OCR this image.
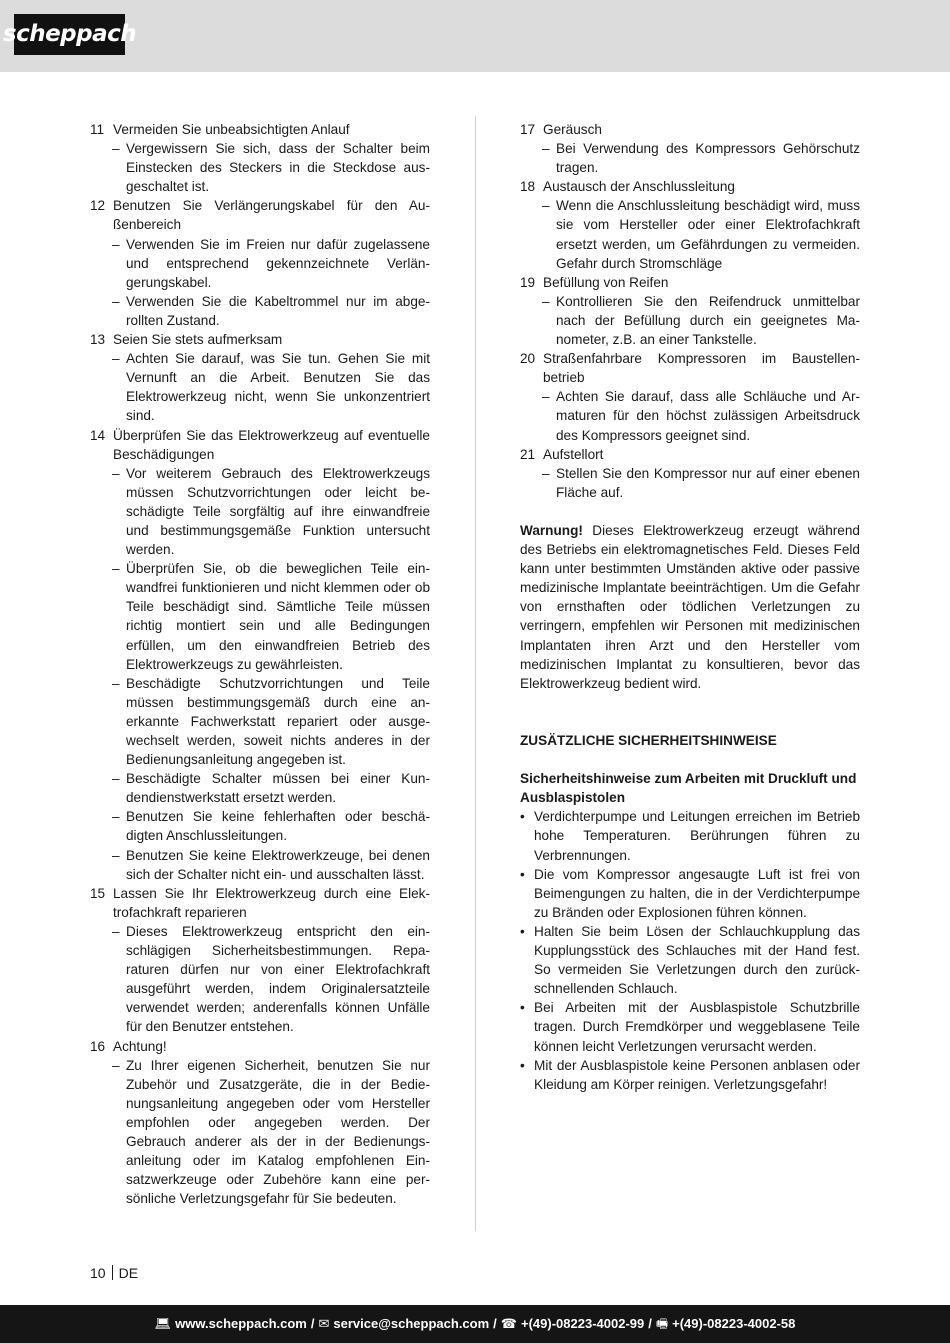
scheppach
11 Vermeiden Sie unbeabsichtigten Anlauf
– Vergewissern Sie sich, dass der Schalter beim Einstecken des Steckers in die Steckdose ausgeschaltet ist.
12 Benutzen Sie Verlängerungskabel für den Außenbereich
– Verwenden Sie im Freien nur dafür zugelassene und entsprechend gekennzeichnete Verlängerungskabel.
– Verwenden Sie die Kabeltrommel nur im abgerollten Zustand.
13 Seien Sie stets aufmerksam
– Achten Sie darauf, was Sie tun. Gehen Sie mit Vernunft an die Arbeit. Benutzen Sie das Elektrowerkzeug nicht, wenn Sie unkonzentriert sind.
14 Überprüfen Sie das Elektrowerkzeug auf eventuelle Beschädigungen
– Vor weiterem Gebrauch des Elektrowerkzeugs müssen Schutzvorrichtungen oder leicht beschädigte Teile sorgfältig auf ihre einwandfreie und bestimmungsgemäße Funktion untersucht werden.
– Überprüfen Sie, ob die beweglichen Teile einwandfrei funktionieren und nicht klemmen oder ob Teile beschädigt sind. Sämtliche Teile müssen richtig montiert sein und alle Bedingungen erfüllen, um den einwandfreien Betrieb des Elektrowerkzeugs zu gewährleisten.
– Beschädigte Schutzvorrichtungen und Teile müssen bestimmungsgemäß durch eine anerkannte Fachwerkstatt repariert oder ausgewechselt werden, soweit nichts anderes in der Bedienungsanleitung angegeben ist.
– Beschädigte Schalter müssen bei einer Kundendienstwerkstatt ersetzt werden.
– Benutzen Sie keine fehlerhaften oder beschädigten Anschlussleitungen.
– Benutzen Sie keine Elektrowerkzeuge, bei denen sich der Schalter nicht ein- und ausschalten lässt.
15 Lassen Sie Ihr Elektrowerkzeug durch eine Elektrofachkraft reparieren
– Dieses Elektrowerkzeug entspricht den einschlägigen Sicherheitsbestimmungen. Reparaturen dürfen nur von einer Elektrofachkraft ausgeführt werden, indem Originalersatzteile verwendet werden; anderenfalls können Unfälle für den Benutzer entstehen.
16 Achtung!
– Zu Ihrer eigenen Sicherheit, benutzen Sie nur Zubehör und Zusatzgeräte, die in der Bedienungsanleitung angegeben oder vom Hersteller empfohlen oder angegeben werden. Der Gebrauch anderer als der in der Bedienungsanleitung oder im Katalog empfohlenen Einsatzwerkzeuge oder Zubehöre kann eine persönliche Verletzungsgefahr für Sie bedeuten.
17 Geräusch
– Bei Verwendung des Kompressors Gehörschutz tragen.
18 Austausch der Anschlussleitung
– Wenn die Anschlussleitung beschädigt wird, muss sie vom Hersteller oder einer Elektrofachkraft ersetzt werden, um Gefährdungen zu vermeiden. Gefahr durch Stromschläge
19 Befüllung von Reifen
– Kontrollieren Sie den Reifendruck unmittelbar nach der Befüllung durch ein geeignetes Manometer, z.B. an einer Tankstelle.
20 Straßenfahrbare Kompressoren im Baustellenbetrieb
– Achten Sie darauf, dass alle Schläuche und Armaturen für den höchst zulässigen Arbeitsdruck des Kompressors geeignet sind.
21 Aufstellort
– Stellen Sie den Kompressor nur auf einer ebenen Fläche auf.

Warnung! Dieses Elektrowerkzeug erzeugt während des Betriebs ein elektromagnetisches Feld. Dieses Feld kann unter bestimmten Umständen aktive oder passive medizinische Implantate beeinträchtigen. Um die Gefahr von ernsthaften oder tödlichen Verletzungen zu verringern, empfehlen wir Personen mit medizinischen Implantaten ihren Arzt und den Hersteller vom medizinischen Implantat zu konsultieren, bevor das Elektrowerkzeug bedient wird.

ZUSÄTZLICHE SICHERHEITSHINWEISE

Sicherheitshinweise zum Arbeiten mit Druckluft und Ausblaspistolen

• Verdichterpumpe und Leitungen erreichen im Betrieb hohe Temperaturen. Berührungen führen zu Verbrennungen.
• Die vom Kompressor angesaugte Luft ist frei von Beimengungen zu halten, die in der Verdichterpumpe zu Bränden oder Explosionen führen können.
• Halten Sie beim Lösen der Schlauchkupplung das Kupplungsstück des Schlauches mit der Hand fest. So vermeiden Sie Verletzungen durch den zurückschnellenden Schlauch.
• Bei Arbeiten mit der Ausblaspistole Schutzbrille tragen. Durch Fremdkörper und weggeblasene Teile können leicht Verletzungen verursacht werden.
• Mit der Ausblaspistole keine Personen anblasen oder Kleidung am Körper reinigen. Verletzungsgefahr!
10 DE
💻︎ www.scheppach.com / ✉︎ service@scheppach.com / ☎︎ +(49)-08223-4002-99 / 🖷︎ +(49)-08223-4002-58
